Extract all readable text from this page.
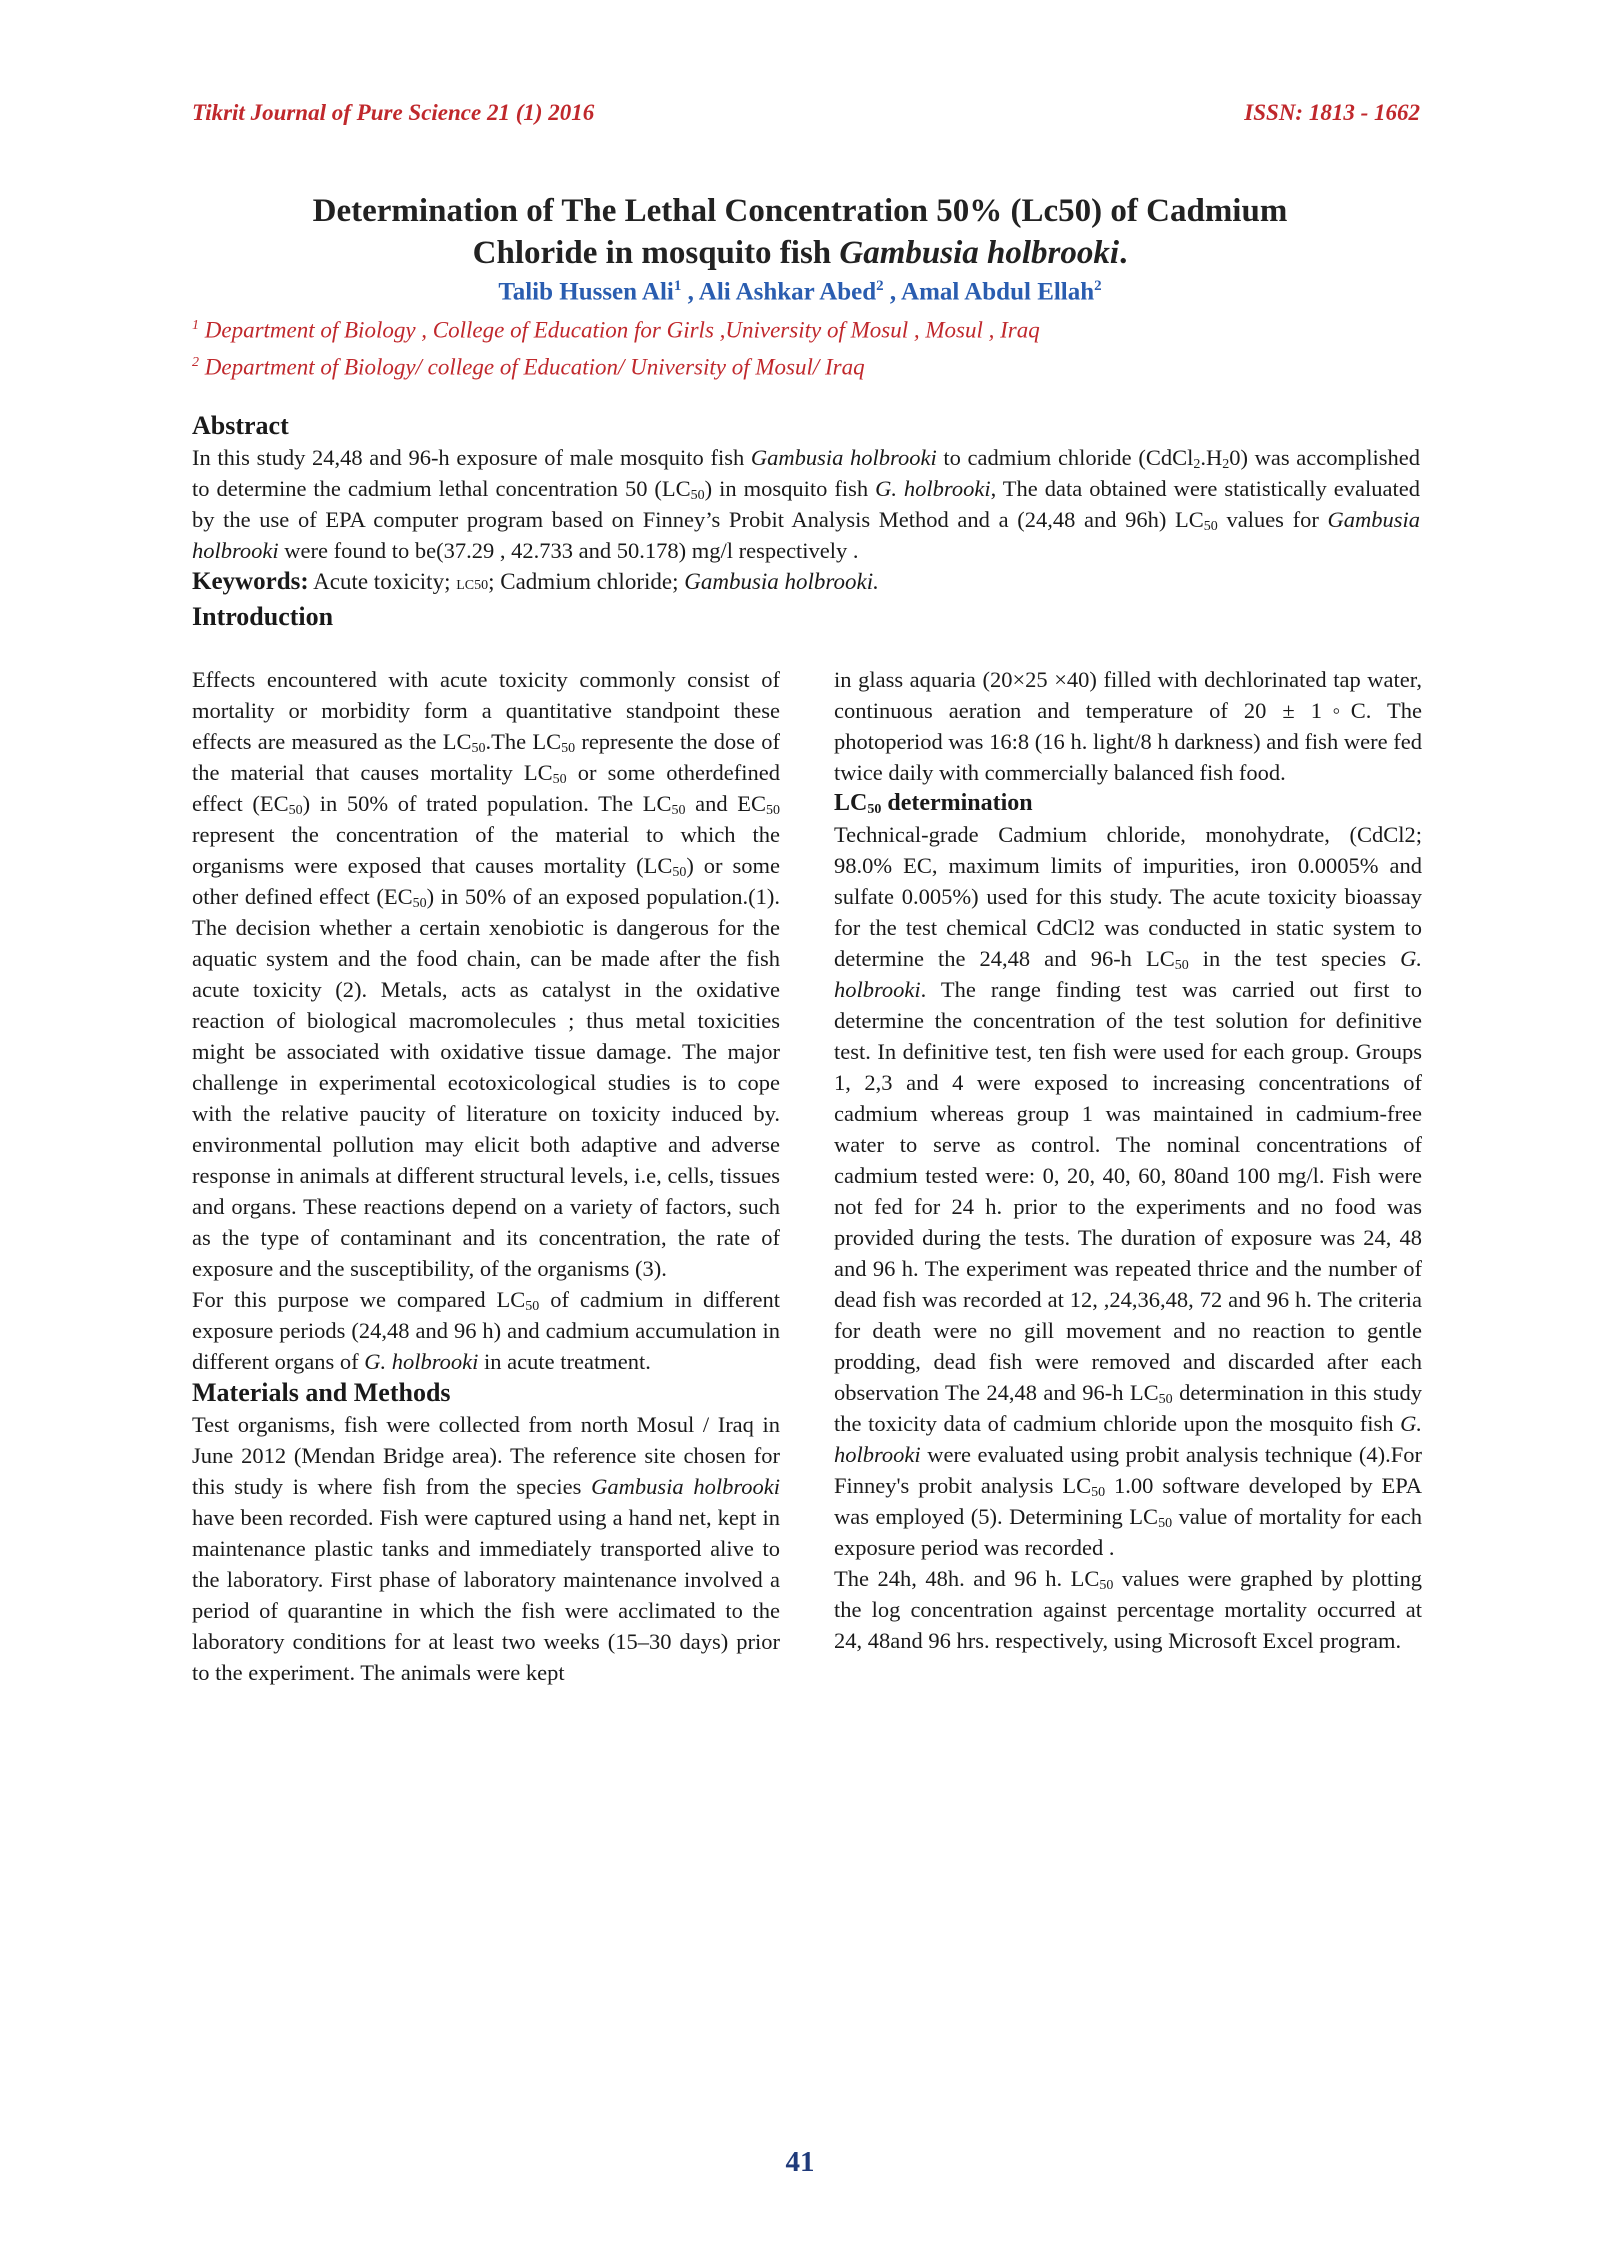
Tikrit Journal of Pure Science 21 (1) 2016	ISSN: 1813 - 1662
Determination of The Lethal Concentration 50% (Lc50) of Cadmium
Chloride in mosquito fish Gambusia holbrooki.
Talib Hussen Ali$^1$ , Ali Ashkar Abed$^2$ , Amal Abdul Ellah$^2$
$^1$ Department of Biology , College of Education for Girls ,University of Mosul , Mosul , Iraq
$^2$ Department of Biology/ college of Education/ University of Mosul/ Iraq
Abstract
In this study 24,48 and 96-h exposure of male mosquito fish Gambusia holbrooki to cadmium chloride $(CdCl_2.H_20)$ was accomplished to determine the cadmium lethal concentration 50 $(LC_{50})$ in mosquito fish G. holbrooki, The data obtained were statistically evaluated by the use of EPA computer program based on Finney’s Probit Analysis Method and a (24,48 and 96h) $LC_{50}$ values for Gambusia holbrooki were found to be(37.29 , 42.733 and 50.178) mg/l respectively .
Keywords: Acute toxicity; LC50; Cadmium chloride; Gambusia holbrooki.
Introduction

Effects encountered with acute toxicity commonly consist of mortality or morbidity form a quantitative standpoint these effects are measured as the $LC_{50}.The$ $LC_{50}$ represente the dose of the material that causes mortality $LC_{50}$ or some otherdefined effect $(EC_{50})$ in 50% of trated population. The $LC_{50}$ and $EC_{50}$ represent the concentration of the material to which the organisms were exposed that causes mortality $(LC_{50})$ or some other defined effect $(EC_{50})$ in 50% of an exposed population.(1). The decision whether a certain xenobiotic is dangerous for the aquatic system and the food chain, can be made after the fish acute toxicity (2). Metals, acts as catalyst in the oxidative reaction of biological macromolecules ; thus metal toxicities might be associated with oxidative tissue damage. The major challenge in experimental ecotoxicological studies is to cope with the relative paucity of literature on toxicity induced by. environmental pollution may elicit both adaptive and adverse response in animals at different structural levels, i.e, cells, tissues and organs. These reactions depend on a variety of factors, such as the type of contaminant and its concentration, the rate of exposure and the susceptibility, of the organisms (3).

For this purpose we compared $LC_{50}$ of cadmium in different exposure periods (24,48 and 96 h) and cadmium accumulation in different organs of G. holbrooki in acute treatment.

Materials and Methods

Test organisms, fish were collected from north Mosul / Iraq in June 2012 (Mendan Bridge area). The reference site chosen for this study is where fish from the species Gambusia holbrooki have been recorded. Fish were captured using a hand net, kept in maintenance plastic tanks and immediately transported alive to the laboratory. First phase of laboratory maintenance involved a period of quarantine in which the fish were acclimated to the laboratory conditions for at least two weeks (15–30 days) prior to the experiment. The animals were kept

in glass aquaria (20×25 ×40) filled with dechlorinated tap water, continuous aeration and temperature of 20 ± 1◦C. The photoperiod was 16:8 (16 h. light/8 h darkness) and fish were fed twice daily with commercially balanced fish food.

$LC_{50}$ determination

Technical-grade Cadmium chloride, monohydrate, (CdCl2; 98.0% EC, maximum limits of impurities, iron 0.0005% and sulfate 0.005%) used for this study. The acute toxicity bioassay for the test chemical CdCl2 was conducted in static system to determine the 24,48 and 96-h $LC_{50}$ in the test species G. holbrooki. The range finding test was carried out first to determine the concentration of the test solution for definitive test. In definitive test, ten fish were used for each group. Groups 1, 2,3 and 4 were exposed to increasing concentrations of cadmium whereas group 1 was maintained in cadmium-free water to serve as control. The nominal concentrations of cadmium tested were: 0, 20, 40, 60, 80and 100 mg/l. Fish were not fed for 24 h. prior to the experiments and no food was provided during the tests. The duration of exposure was 24, 48 and 96 h. The experiment was repeated thrice and the number of dead fish was recorded at 12, ,24,36,48, 72 and 96 h. The criteria for death were no gill movement and no reaction to gentle prodding, dead fish were removed and discarded after each observation The 24,48 and 96-h $LC_{50}$ determination in this study the toxicity data of cadmium chloride upon the mosquito fish G. holbrooki were evaluated using probit analysis technique (4).For Finney's probit analysis $LC_{50}$ 1.00 software developed by EPA was employed (5). Determining $LC_{50}$ value of mortality for each exposure period was recorded .

The 24h, 48h. and 96 h. $LC_{50}$ values were graphed by plotting the log concentration against percentage mortality occurred at 24, 48and 96 hrs. respectively, using Microsoft Excel program.

41
